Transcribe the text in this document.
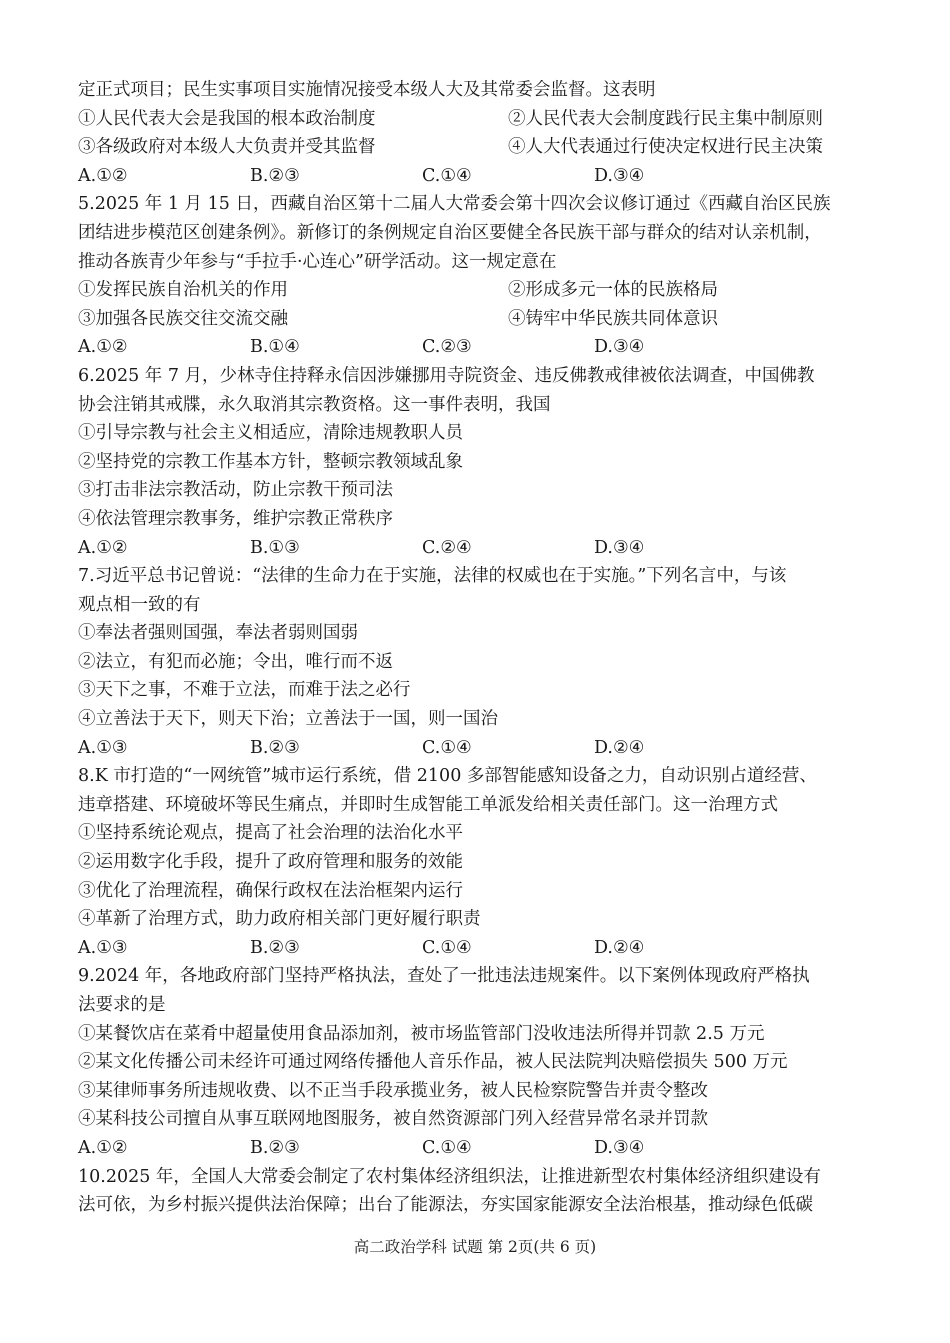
定正式项目；民生实事项目实施情况接受本级人大及其常委会监督。这表明
①人民代表大会是我国的根本政治制度	②人民代表大会制度践行民主集中制原则
③各级政府对本级人大负责并受其监督	④人大代表通过行使决定权进行民主决策
A.①②	B.②③	C.①④	D.③④
5.2025 年 1 月 15 日，西藏自治区第十二届人大常委会第十四次会议修订通过《西藏自治区民族
团结进步模范区创建条例》。新修订的条例规定自治区要健全各民族干部与群众的结对认亲机制，
推动各族青少年参与“手拉手·心连心”研学活动。这一规定意在
①发挥民族自治机关的作用	②形成多元一体的民族格局
③加强各民族交往交流交融	④铸牢中华民族共同体意识
A.①②	B.①④	C.②③	D.③④
6.2025 年 7 月，少林寺住持释永信因涉嫌挪用寺院资金、违反佛教戒律被依法调查，中国佛教
协会注销其戒牒，永久取消其宗教资格。这一事件表明，我国
①引导宗教与社会主义相适应，清除违规教职人员
②坚持党的宗教工作基本方针，整顿宗教领域乱象
③打击非法宗教活动，防止宗教干预司法
④依法管理宗教事务，维护宗教正常秩序
A.①②	B.①③	C.②④	D.③④
7.习近平总书记曾说：“法律的生命力在于实施，法律的权威也在于实施。”下列名言中，与该
观点相一致的有
①奉法者强则国强，奉法者弱则国弱
②法立，有犯而必施；令出，唯行而不返
③天下之事，不难于立法，而难于法之必行
④立善法于天下，则天下治；立善法于一国，则一国治
A.①③	B.②③	C.①④	D.②④
8.K 市打造的“一网统管”城市运行系统，借 2100 多部智能感知设备之力，自动识别占道经营、
违章搭建、环境破坏等民生痛点，并即时生成智能工单派发给相关责任部门。这一治理方式
①坚持系统论观点，提高了社会治理的法治化水平
②运用数字化手段，提升了政府管理和服务的效能
③优化了治理流程，确保行政权在法治框架内运行
④革新了治理方式，助力政府相关部门更好履行职责
A.①③	B.②③	C.①④	D.②④
9.2024 年，各地政府部门坚持严格执法，查处了一批违法违规案件。以下案例体现政府严格执
法要求的是
①某餐饮店在菜肴中超量使用食品添加剂，被市场监管部门没收违法所得并罚款 2.5 万元
②某文化传播公司未经许可通过网络传播他人音乐作品，被人民法院判决赔偿损失 500 万元
③某律师事务所违规收费、以不正当手段承揽业务，被人民检察院警告并责令整改
④某科技公司擅自从事互联网地图服务，被自然资源部门列入经营异常名录并罚款
A.①②	B.②③	C.①④	D.③④
10.2025 年，全国人大常委会制定了农村集体经济组织法，让推进新型农村集体经济组织建设有
法可依，为乡村振兴提供法治保障；出台了能源法，夯实国家能源安全法治根基，推动绿色低碳
高二政治学科 试题 第 2页(共 6 页)
